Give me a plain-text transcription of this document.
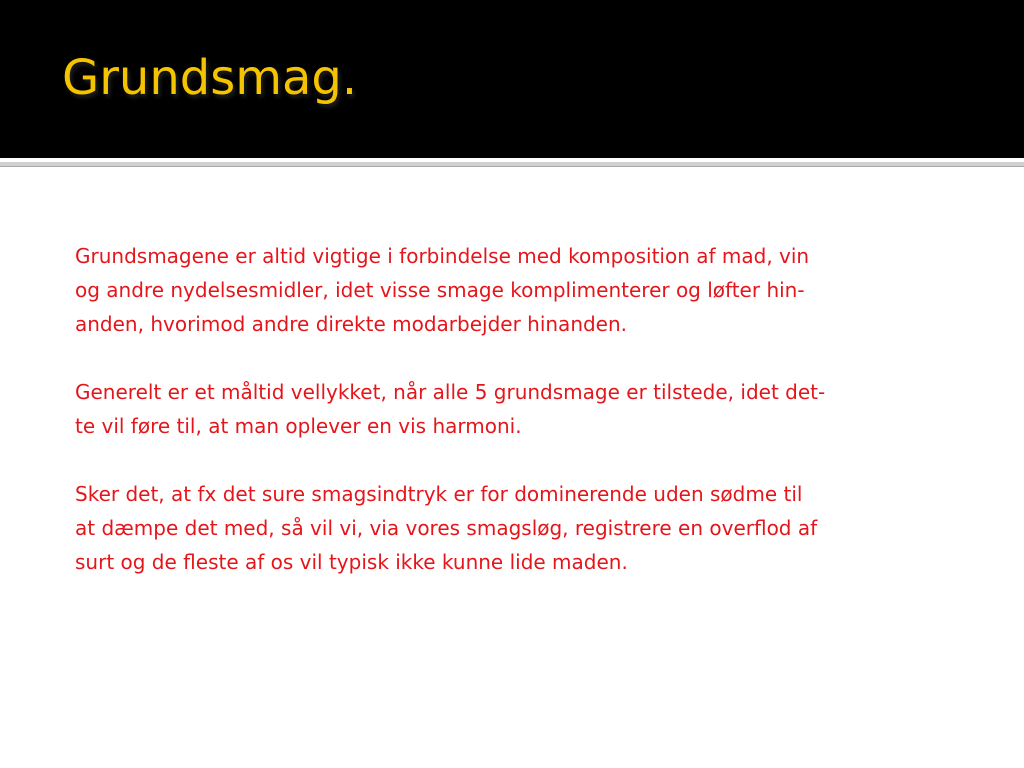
Grundsmag.

Grundsmagene er altid vigtige i forbindelse med komposition af mad, vin
og andre nydelsesmidler, idet visse smage komplimenterer og løfter hin-
anden, hvorimod andre direkte modarbejder hinanden.

Generelt er et måltid vellykket, når alle 5 grundsmage er tilstede, idet det-
te vil føre til, at man oplever en vis harmoni.

Sker det, at fx det sure smagsindtryk er for dominerende uden sødme til
at dæmpe det med, så vil vi, via vores smagsløg, registrere en overflod af
surt og de fleste af os vil typisk ikke kunne lide maden.
